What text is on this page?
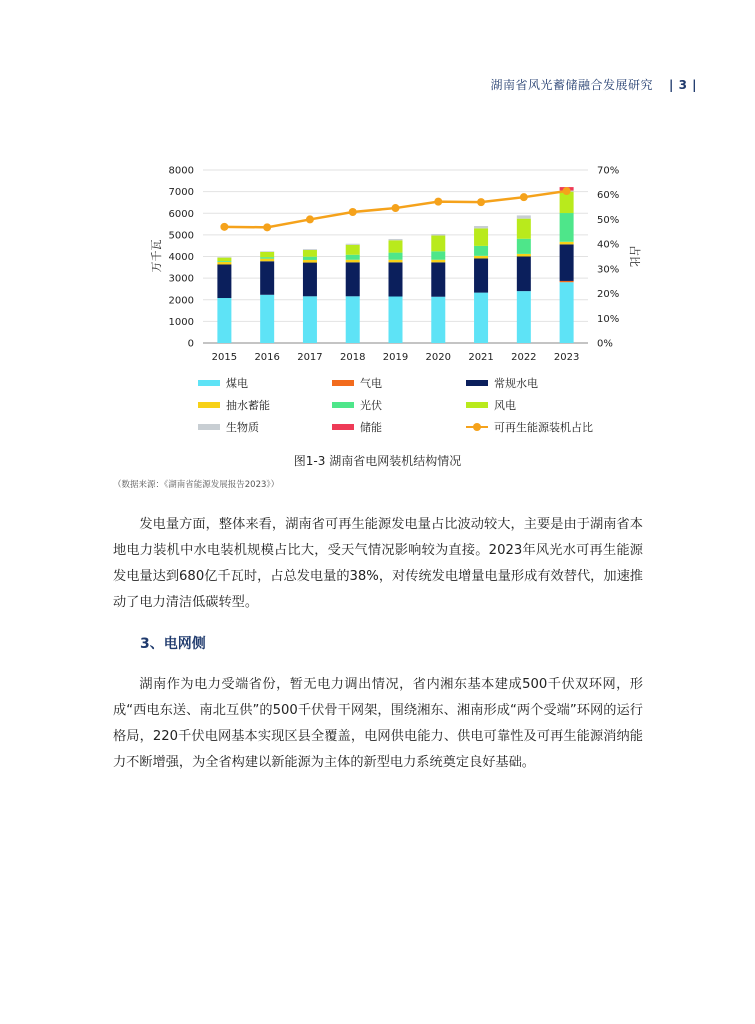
湖南省风光蓄储融合发展研究 | 3 |
0
1000
2000
3000
4000
5000
6000
7000
8000
0%
10%
20%
30%
40%
50%
60%
70%
2015 2016 2017 2018 2019 2020 2021 2022 2023
万千瓦	占比
煤电	气电	常规水电
抽水蓄能	光伏	风电
生物质	储能	可再生能源装机占比
图1-3 湖南省电网装机结构情况
（数据来源：《湖南省能源发展报告2023》）

发电量方面，整体来看，湖南省可再生能源发电量占比波动较大，主要是由于湖南省本地电力装机中水电装机规模占比大，受天气情况影响较为直接。2023年风光水可再生能源发电量达到680亿千瓦时，占总发电量的38%，对传统发电增量电量形成有效替代，加速推动了电力清洁低碳转型。

3、电网侧

湖南作为电力受端省份，暂无电力调出情况，省内湘东基本建成500千伏双环网，形成“西电东送、南北互供”的500千伏骨干网架，围绕湘东、湘南形成“两个受端”环网的运行格局，220千伏电网基本实现区县全覆盖，电网供电能力、供电可靠性及可再生能源消纳能力不断增强，为全省构建以新能源为主体的新型电力系统奠定良好基础。
